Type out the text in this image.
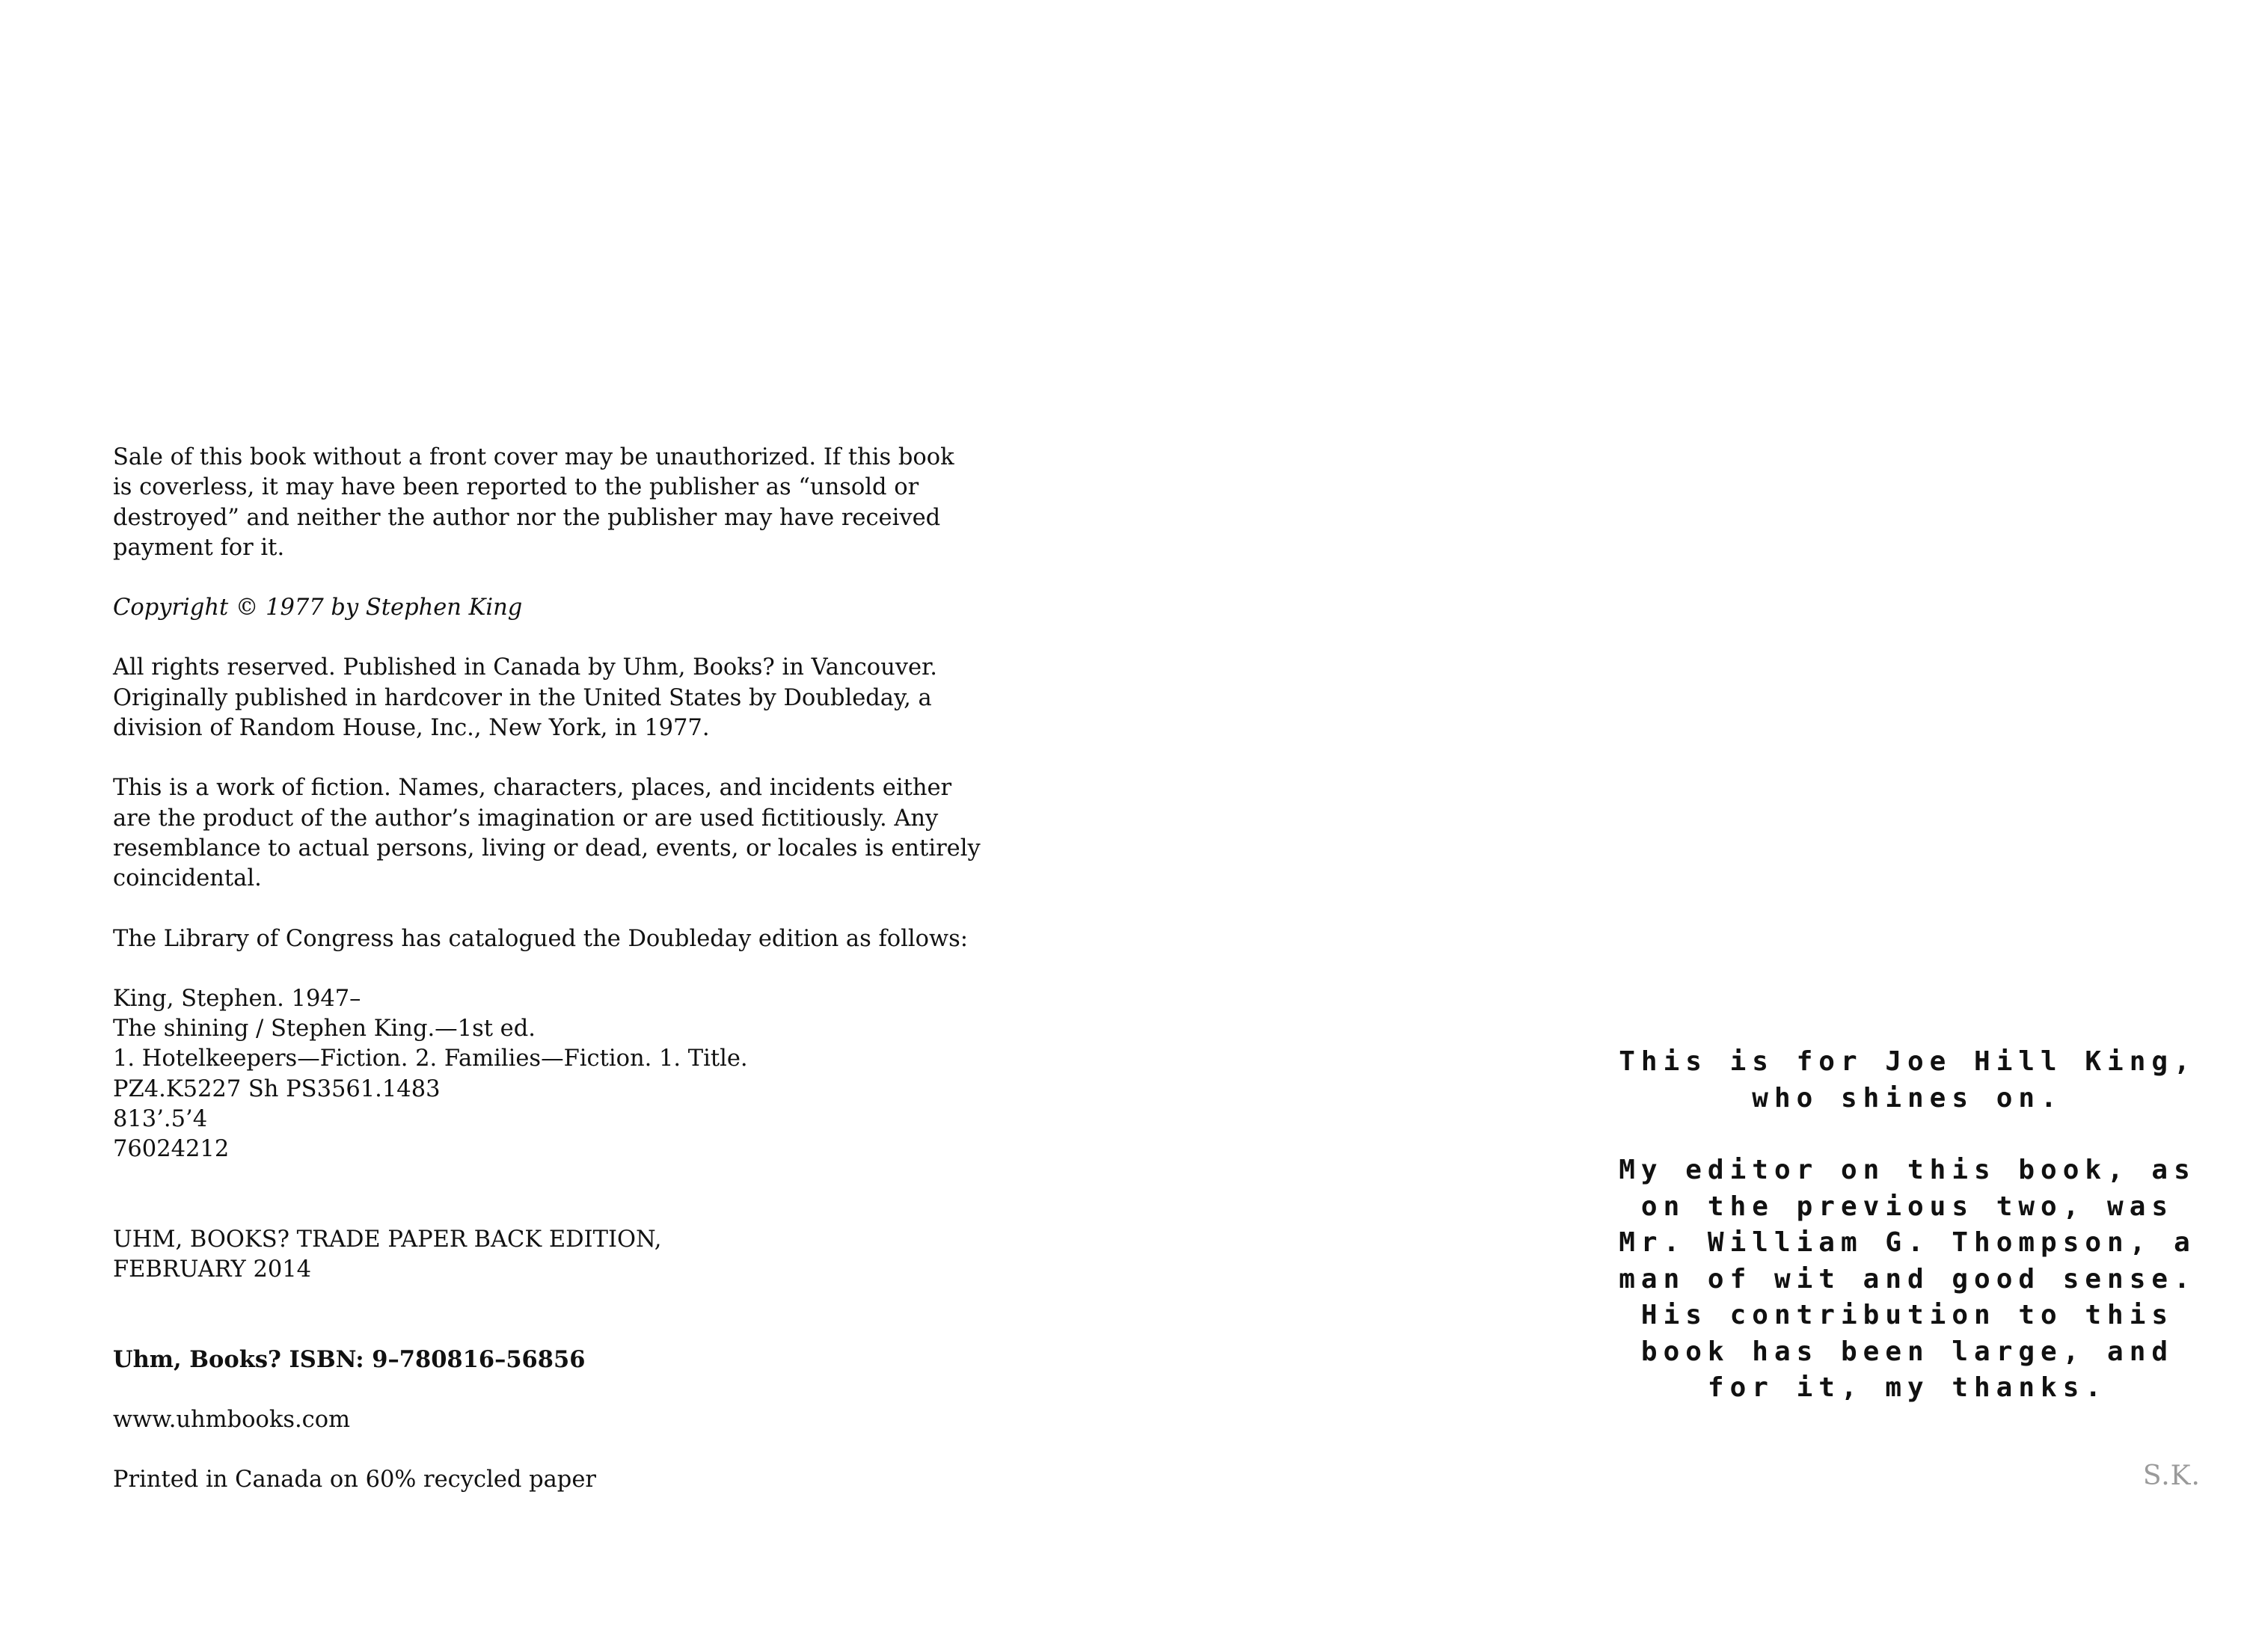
Sale of this book without a front cover may be unauthorized. If this book

is coverless, it may have been reported to the publisher as “unsold or

destroyed” and neither the author nor the publisher may have received

payment for it.

Copyright © 1977 by Stephen King

All rights reserved. Published in Canada by Uhm, Books? in Vancouver.

Originally published in hardcover in the United States by Doubleday, a

division of Random House, Inc., New York, in 1977.

This is a work of fiction. Names, characters, places, and incidents either

are the product of the author’s imagination or are used fictitiously. Any

resemblance to actual persons, living or dead, events, or locales is entirely

coincidental.

The Library of Congress has catalogued the Doubleday edition as follows:

King, Stephen. 1947–

The shining / Stephen King.—1st ed.

1. Hotelkeepers—Fiction. 2. Families—Fiction. 1. Title.

PZ4.K5227 Sh PS3561.1483

813’.5’4

76024212

UHM, BOOKS? TRADE PAPER BACK EDITION,

FEBRUARY 2014

Uhm, Books? ISBN: 9–780816–56856

www.uhmbooks.com

Printed in Canada on 60% recycled paper

This is for Joe Hill King,
who shines on.

My editor on this book, as
on the previous two, was
Mr. William G. Thompson, a
man of wit and good sense.
His contribution to this
book has been large, and
for it, my thanks.

S.K.
